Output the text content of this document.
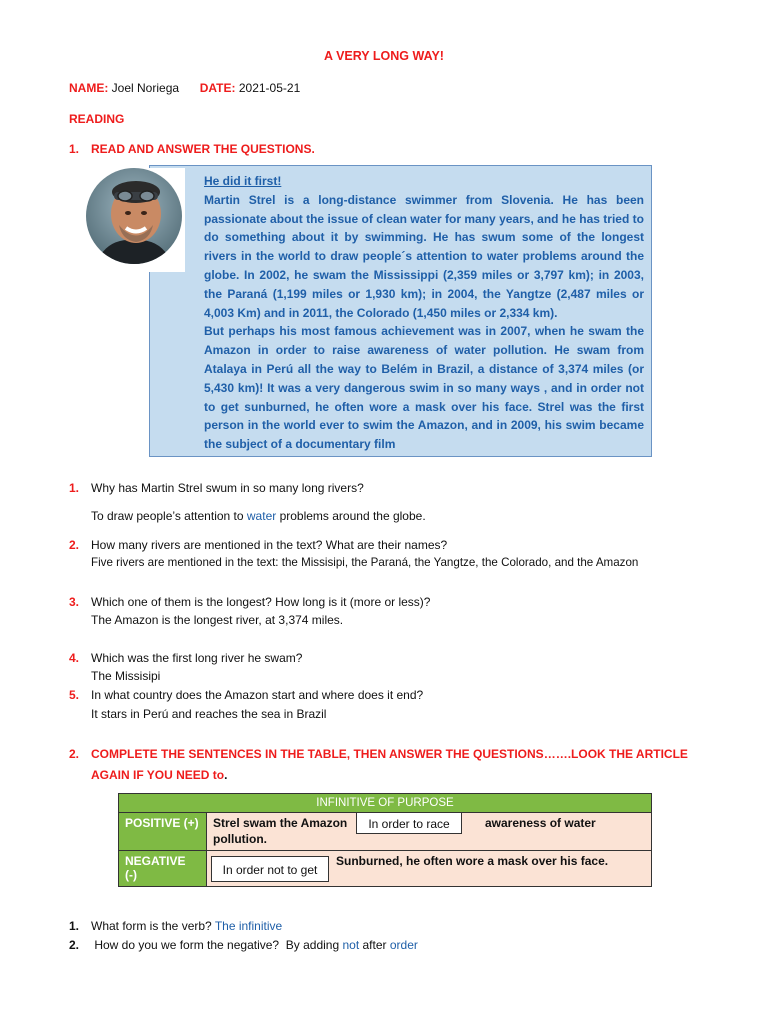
A VERY LONG WAY!
NAME: Joel Noriega DATE: 2021-05-21
READING
1. READ AND ANSWER THE QUESTIONS.

He did it first!

Martin Strel is a long-distance swimmer from Slovenia. He has been passionate about the issue of clean water for many years, and he has tried to do something about it by swimming. He has swum some of the longest rivers in the world to draw people´s attention to water problems around the globe. In 2002, he swam the Mississippi (2,359 miles or 3,797 km); in 2003, the Paraná (1,199 miles or 1,930 km); in 2004, the Yangtze (2,487 miles or 4,003 Km) and in 2011, the Colorado (1,450 miles or 2,334 km).

But perhaps his most famous achievement was in 2007, when he swam the Amazon in order to raise awareness of water pollution. He swam from Atalaya in Perú all the way to Belém in Brazil, a distance of 3,374 miles (or 5,430 km)! It was a very dangerous swim in so many ways , and in order not to get sunburned, he often wore a mask over his face. Strel was the first person in the world ever to swim the Amazon, and in 2009, his swim became the subject of a documentary film

1. Why has Martin Strel swum in so many long rivers?
To draw people’s attention to water problems around the globe.
2. How many rivers are mentioned in the text? What are their names?
Five rivers are mentioned in the text: the Missisipi, the Paraná, the Yangtze, the Colorado, and the Amazon
3. Which one of them is the longest? How long is it (more or less)?
The Amazon is the longest river, at 3,374 miles.
4. Which was the first long river he swam?
The Missisipi
5. In what country does the Amazon start and where does it end?
It stars in Perú and reaches the sea in Brazil
2. COMPLETE THE SENTENCES IN THE TABLE, THEN ANSWER THE QUESTIONS…….LOOK THE ARTICLE
AGAIN IF YOU NEED to.
INFINITIVE OF PURPOSE	
POSITIVE (+)	Strel swam the Amazon In order to race awareness of water
pollution.

NEGATIVE (-)	In order not to get
Sunburned, he often wore a mask over his face.
1. What form is the verb? The infinitive
2. How do you we form the negative?  By adding not after order
